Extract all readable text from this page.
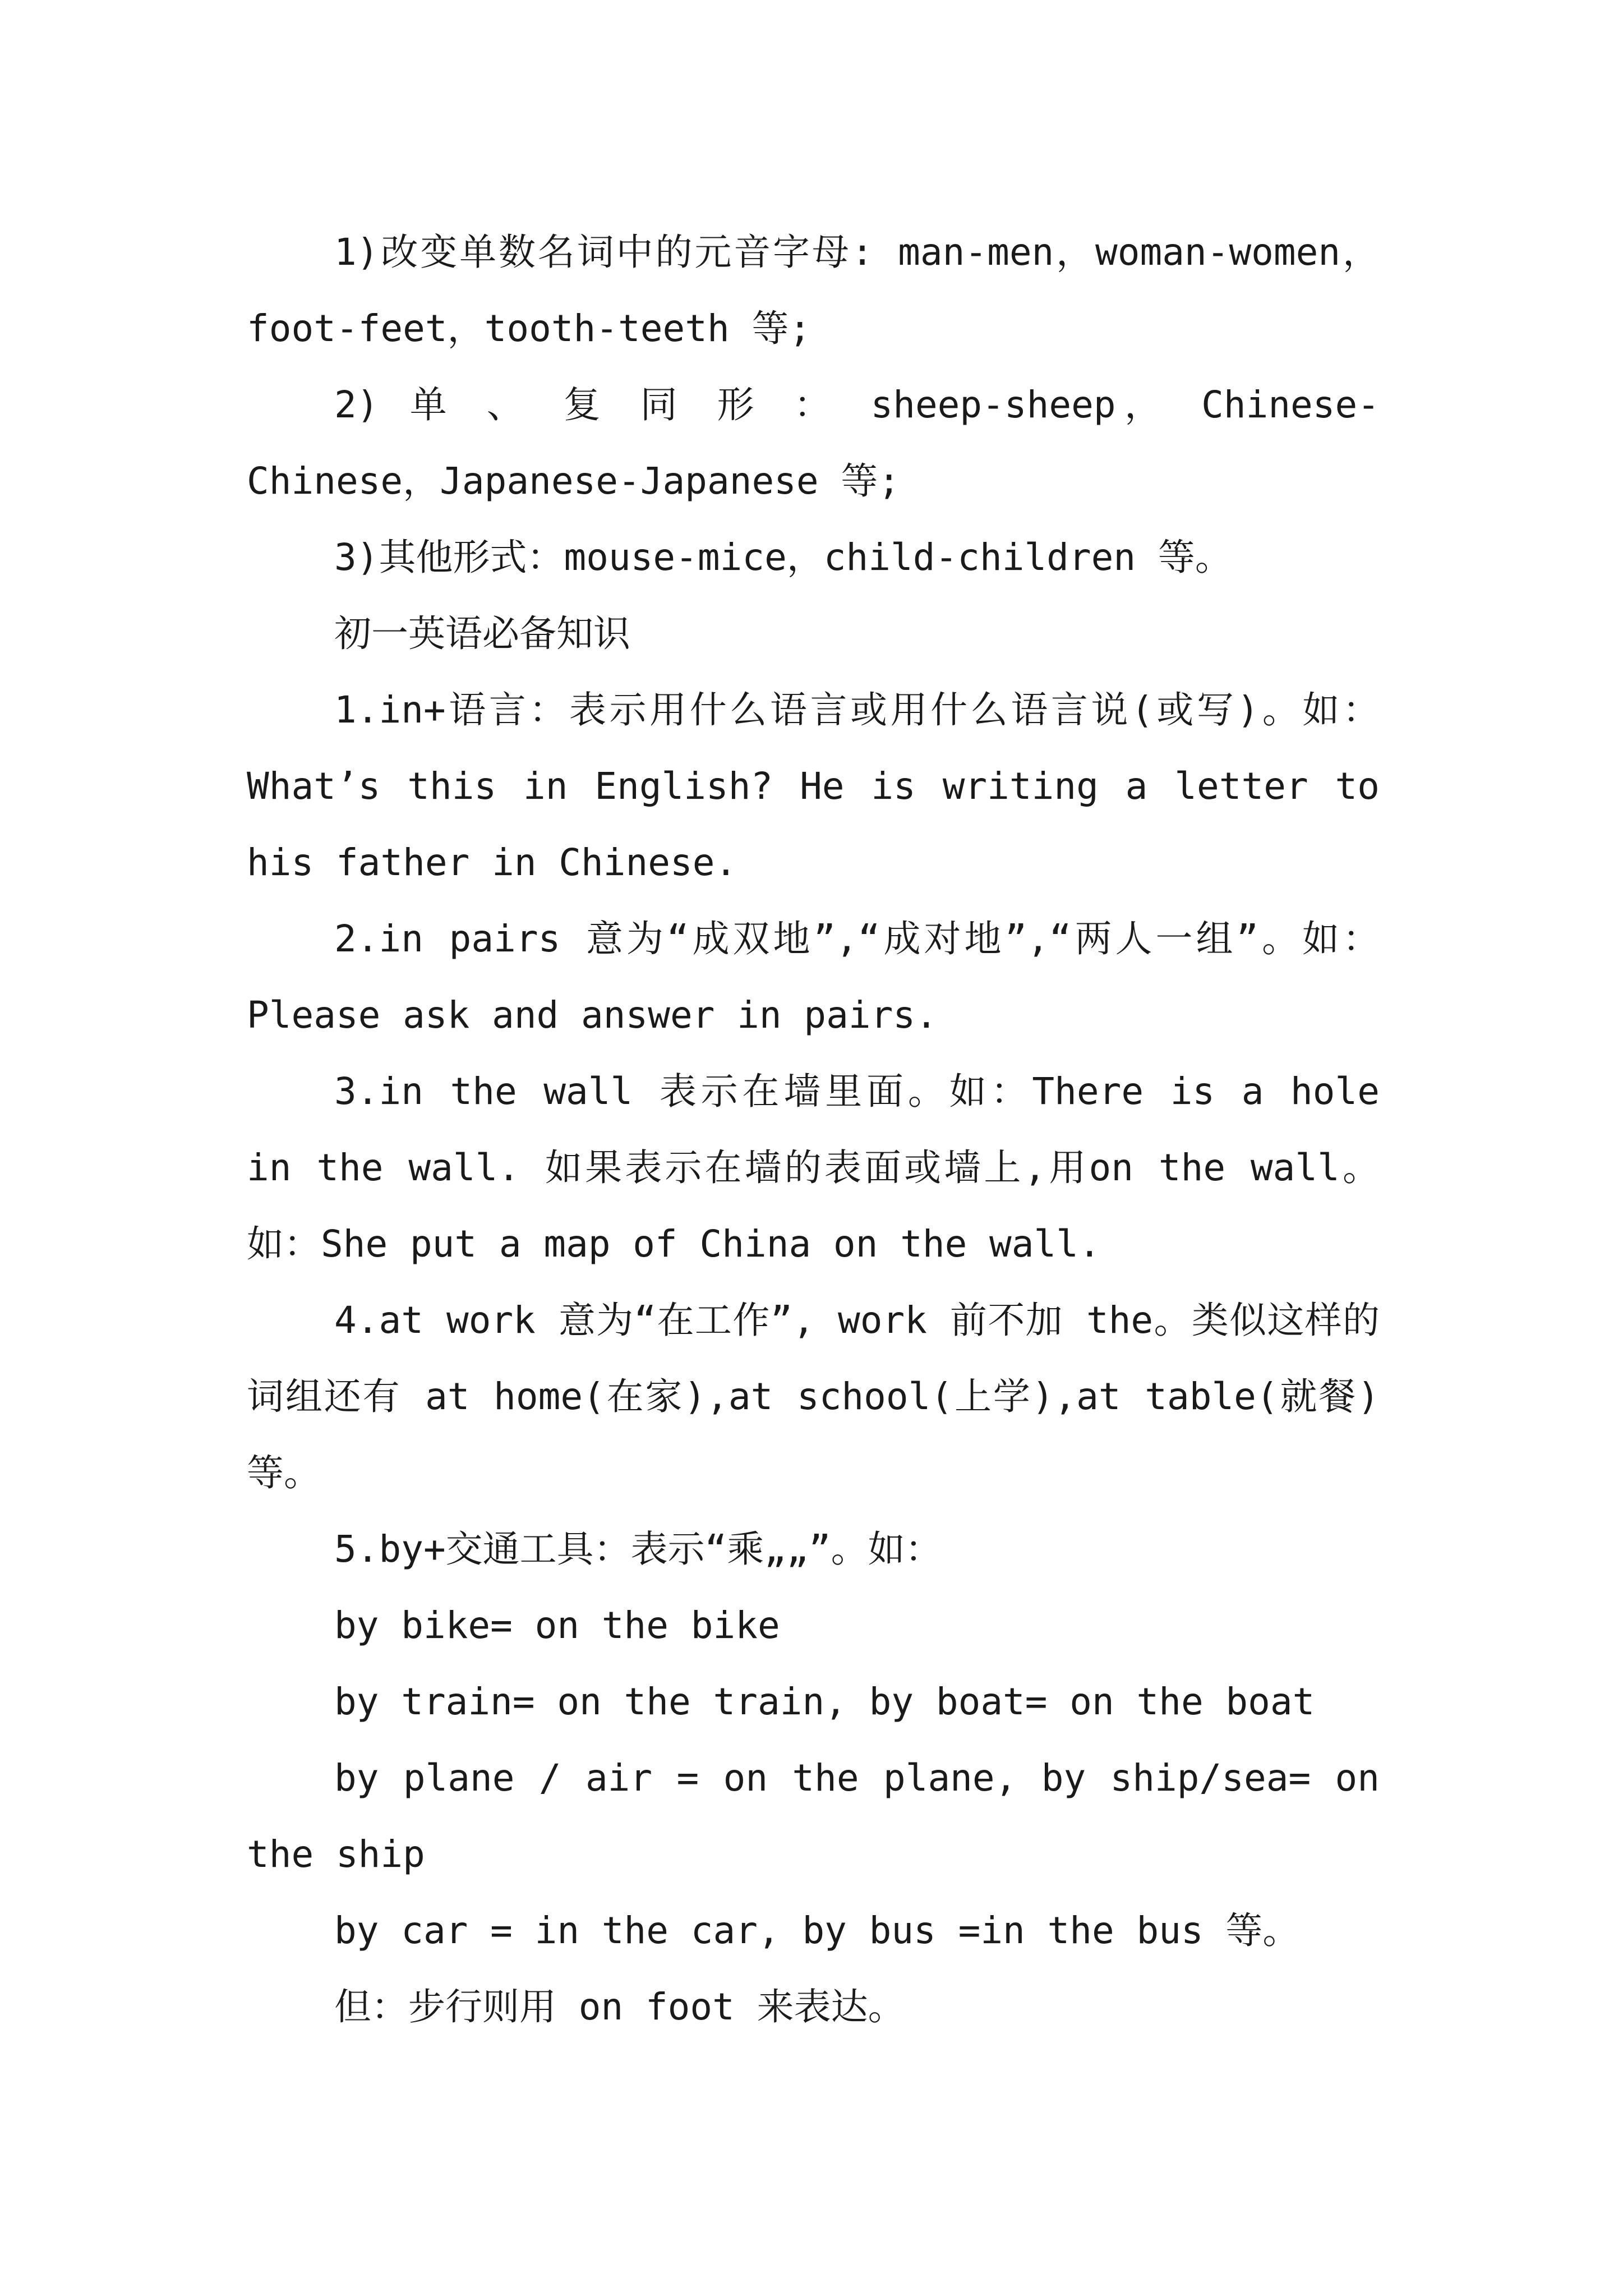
1)改变单数名词中的元音字母: man-men，woman-women，foot-feet，tooth-teeth 等;

2) 单 、 复 同 形 ： sheep-sheep， Chinese-Chinese，Japanese-Japanese 等;

3)其他形式：mouse-mice，child-children 等。

初一英语必备知识

1.in+语言：表示用什么语言或用什么语言说(或写)。如：What’s this in English? He is writing a letter to his father in Chinese.

2.in pairs 意为“成双地”,“成对地”,“两人一组”。如：Please ask and answer in pairs.

3.in the wall 表示在墙里面。如：There is a hole in the wall. 如果表示在墙的表面或墙上,用on the wall。如：She put a map of China on the wall.

4.at work 意为“在工作”, work 前不加 the。类似这样的词组还有 at home(在家),at school(上学),at table(就餐)等。

5.by+交通工具：表示“乘„„”。如：

by bike= on the bike

by train= on the train, by boat= on the boat

by plane / air = on the plane, by ship/sea= on the ship

by car = in the car, by bus =in the bus 等。

但：步行则用 on foot 来表达。
